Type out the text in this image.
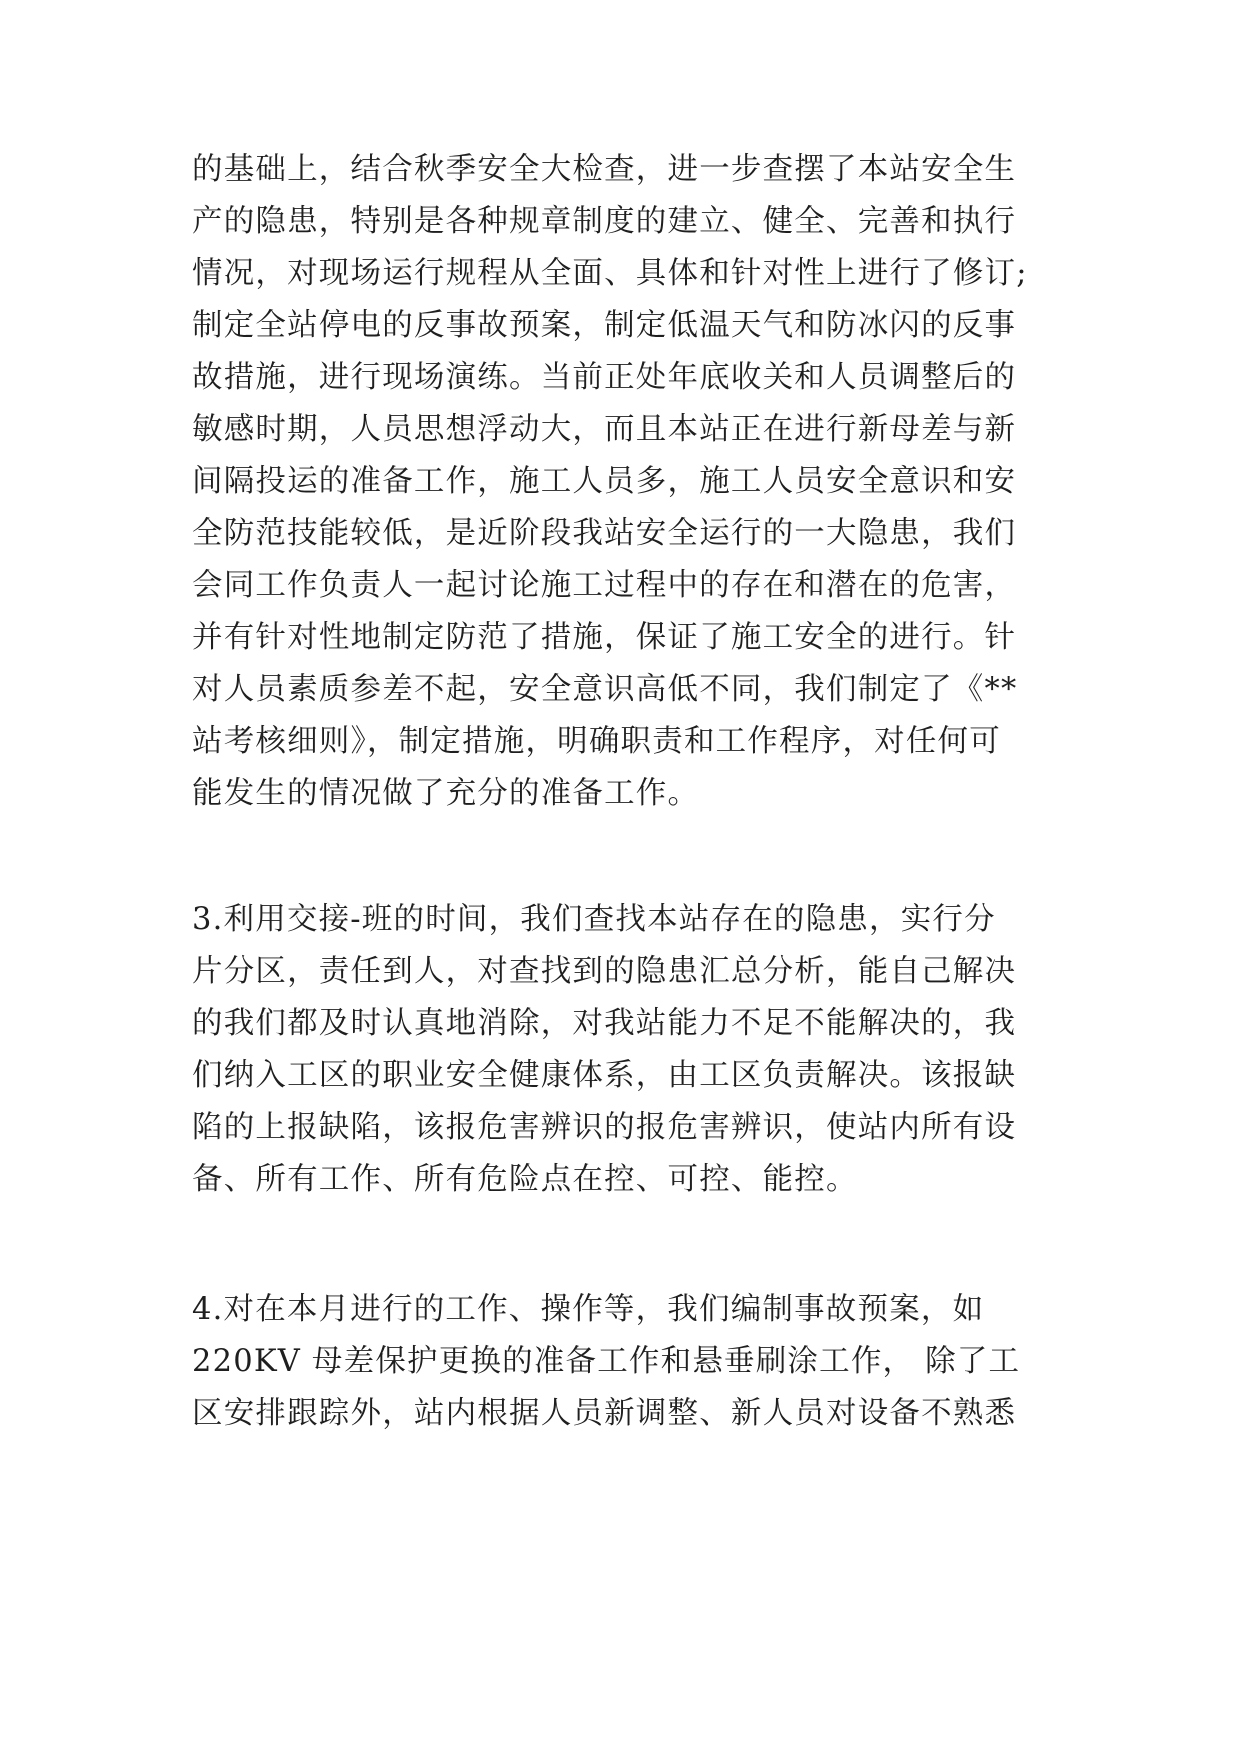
的基础上，结合秋季安全大检查，进一步查摆了本站安全生
产的隐患，特别是各种规章制度的建立、健全、完善和执行
情况，对现场运行规程从全面、具体和针对性上进行了修订;
制定全站停电的反事故预案，制定低温天气和防冰闪的反事
故措施，进行现场演练。当前正处年底收关和人员调整后的
敏感时期，人员思想浮动大，而且本站正在进行新母差与新
间隔投运的准备工作，施工人员多，施工人员安全意识和安
全防范技能较低，是近阶段我站安全运行的一大隐患，我们
会同工作负责人一起讨论施工过程中的存在和潜在的危害，
并有针对性地制定防范了措施，保证了施工安全的进行。针
对人员素质参差不起，安全意识高低不同，我们制定了《**
站考核细则》，制定措施，明确职责和工作程序，对任何可
能发生的情况做了充分的准备工作。
3.利用交接-班的时间，我们查找本站存在的隐患，实行分
片分区，责任到人，对查找到的隐患汇总分析，能自己解决
的我们都及时认真地消除，对我站能力不足不能解决的，我
们纳入工区的职业安全健康体系，由工区负责解决。该报缺
陷的上报缺陷，该报危害辨识的报危害辨识，使站内所有设
备、所有工作、所有危险点在控、可控、能控。
4.对在本月进行的工作、操作等，我们编制事故预案，如
220KV 母差保护更换的准备工作和悬垂刷涂工作， 除了工
区安排跟踪外，站内根据人员新调整、新人员对设备不熟悉
